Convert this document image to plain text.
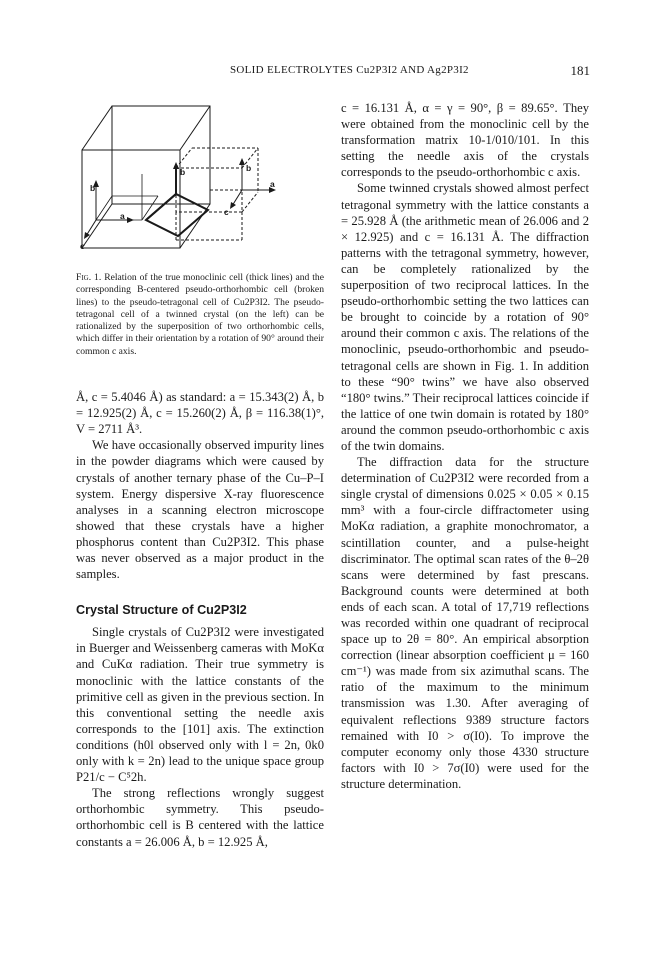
SOLID ELECTROLYTES Cu2P3I2 AND Ag2P3I2	181
b
a
c
b	b
a
c

Fig. 1. Relation of the true monoclinic cell (thick lines) and the corresponding B-centered pseudo-orthorhombic cell (broken lines) to the pseudo-tetragonal cell of Cu2P3I2. The pseudo-tetragonal cell of a twinned crystal (on the left) can be rationalized by the superposition of two orthorhombic cells, which differ in their orientation by a rotation of 90° around their common c axis.

Å, c = 5.4046 Å) as standard: a = 15.343(2) Å, b = 12.925(2) Å, c = 15.260(2) Å, β = 116.38(1)°, V = 2711 Å³.

We have occasionally observed impurity lines in the powder diagrams which were caused by crystals of another ternary phase of the Cu–P–I system. Energy dispersive X-ray fluorescence analyses in a scanning electron microscope showed that these crystals have a higher phosphorus content than Cu2P3I2. This phase was never observed as a major product in the samples.

Crystal Structure of Cu2P3I2

Single crystals of Cu2P3I2 were investigated in Buerger and Weissenberg cameras with MoKα and CuKα radiation. Their true symmetry is monoclinic with the lattice constants of the primitive cell as given in the previous section. In this conventional setting the needle axis corresponds to the [101] axis. The extinction conditions (h0l observed only with l = 2n, 0k0 only with k = 2n) lead to the unique space group P21/c − C⁵2h.

The strong reflections wrongly suggest orthorhombic symmetry. This pseudo-orthorhombic cell is B centered with the lattice constants a = 26.006 Å, b = 12.925 Å,

c = 16.131 Å, α = γ = 90°, β = 89.65°. They were obtained from the monoclinic cell by the transformation matrix 10-1/010/101. In this setting the needle axis of the crystals corresponds to the pseudo-orthorhombic c axis.

Some twinned crystals showed almost perfect tetragonal symmetry with the lattice constants a = 25.928 Å (the arithmetic mean of 26.006 and 2 × 12.925) and c = 16.131 Å. The diffraction patterns with the tetragonal symmetry, however, can be completely rationalized by the superposition of two reciprocal lattices. In the pseudo-orthorhombic setting the two lattices can be brought to coincide by a rotation of 90° around their common c axis. The relations of the monoclinic, pseudo-orthorhombic and pseudo-tetragonal cells are shown in Fig. 1. In addition to these “90° twins” we have also observed “180° twins.” Their reciprocal lattices coincide if the lattice of one twin domain is rotated by 180° around the common pseudo-orthorhombic c axis of the twin domains.

The diffraction data for the structure determination of Cu2P3I2 were recorded from a single crystal of dimensions 0.025 × 0.05 × 0.15 mm³ with a four-circle diffractometer using MoKα radiation, a graphite monochromator, a scintillation counter, and a pulse-height discriminator. The optimal scan rates of the θ–2θ scans were determined by fast prescans. Background counts were determined at both ends of each scan. A total of 17,719 reflections was recorded within one quadrant of reciprocal space up to 2θ = 80°. An empirical absorption correction (linear absorption coefficient μ = 160 cm⁻¹) was made from six azimuthal scans. The ratio of the maximum to the minimum transmission was 1.30. After averaging of equivalent reflections 9389 structure factors remained with I0 > σ(I0). To improve the computer economy only those 4330 structure factors with I0 > 7σ(I0) were used for the structure determination.
